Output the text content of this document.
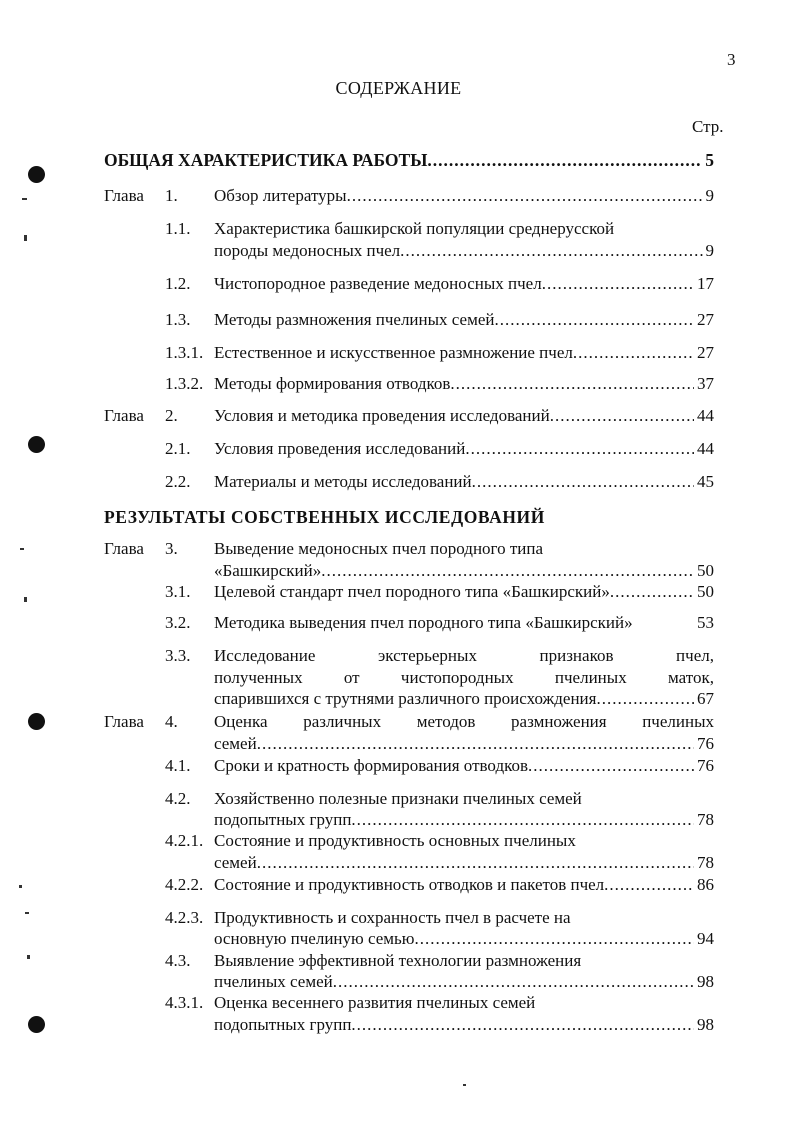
3
СОДЕРЖАНИЕ
Стр.
ОБЩАЯ ХАРАКТЕРИСТИКА РАБОТЫ .....	5
РЕЗУЛЬТАТЫ СОБСТВЕННЫХ ИССЛЕДОВАНИЙ
Глава 1. Обзор литературы .....	9
1.1. Характеристика башкирской популяции среднерусской
породы медоносных пчел .....	9
1.2. Чистопородное разведение медоносных пчел .....	17
1.3. Методы размножения пчелиных семей .....	27
1.3.1. Естественное и искусственное размножение пчел .....	27
1.3.2. Методы формирования отводков .....	37
Глава 2. Условия и методика проведения исследований .....	44
2.1. Условия проведения исследований .....	44
2.2. Материалы и методы исследований .....	45
Глава 3. Выведение медоносных пчел породного типа
«Башкирский» .....	50
3.1. Целевой стандарт пчел породного типа «Башкирский» .....	50
3.2. Методика выведения пчел породного типа «Башкирский»	53
3.3. Исследование экстерьерных признаков пчел,
полученных от чистопородных пчелиных маток,
спарившихся с трутнями различного происхождения .....	67
Глава 4. Оценка различных методов размножения пчелиных
семей .....	76
4.1. Сроки и кратность формирования отводков .....	76
4.2. Хозяйственно полезные признаки пчелиных семей
подопытных групп .....	78
4.2.1. Состояние и продуктивность основных пчелиных
семей .....	78
4.2.2. Состояние и продуктивность отводков и пакетов пчел .....	86
4.2.3. Продуктивность и сохранность пчел в расчете на
основную пчелиную семью .....	94
4.3. Выявление эффективной технологии размножения
пчелиных семей .....	98
4.3.1. Оценка весеннего развития пчелиных семей
подопытных групп .....	98
